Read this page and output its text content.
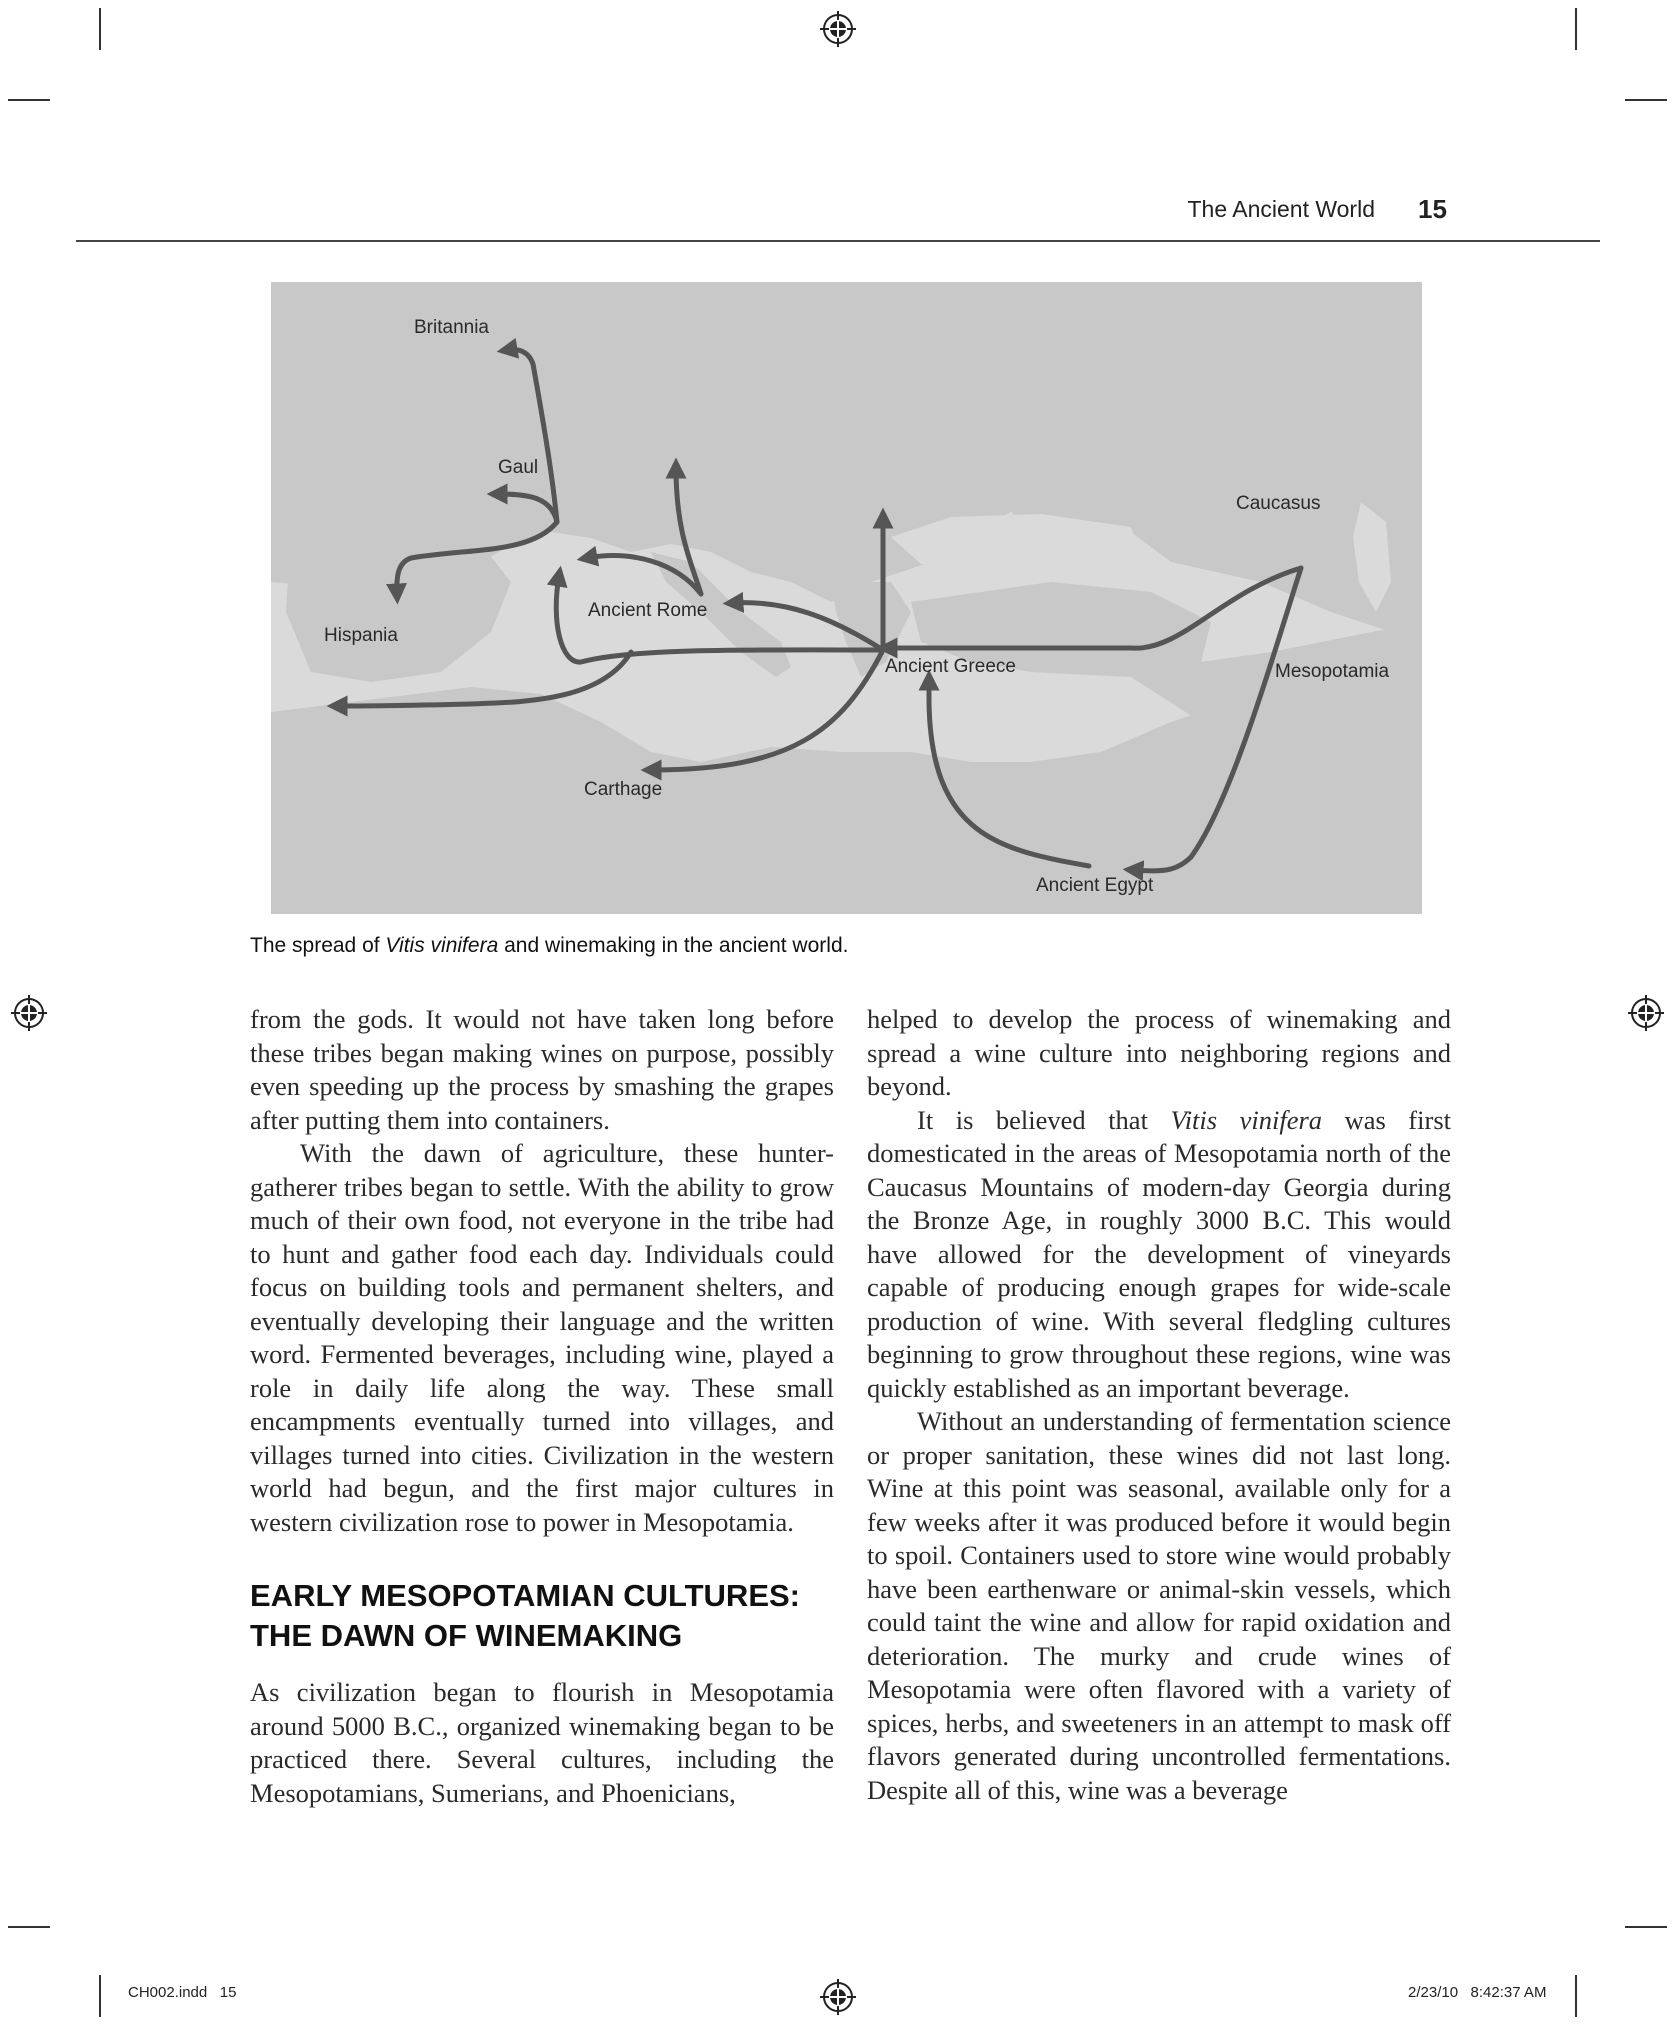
The Ancient World 15
Britannia
Gaul
Hispania
Ancient Rome
Ancient Greece
Caucasus
Mesopotamia
Carthage
Ancient Egypt
The spread of Vitis vinifera and winemaking in the ancient world.

from the gods. It would not have taken long before these tribes began making wines on purpose, possibly even speeding up the process by smashing the grapes after putting them into containers.

With the dawn of agriculture, these hunter-gatherer tribes began to settle. With the ability to grow much of their own food, not everyone in the tribe had to hunt and gather food each day. Individuals could focus on building tools and permanent shelters, and eventually developing their language and the written word. Fermented beverages, including wine, played a role in daily life along the way. These small encampments eventually turned into villages, and villages turned into cities. Civilization in the western world had begun, and the first major cultures in western civilization rose to power in Mesopotamia.

EARLY MESOPOTAMIAN CULTURES:
THE DAWN OF WINEMAKING

As civilization began to flourish in Mesopotamia around 5000 B.C., organized winemaking began to be practiced there. Several cultures, including the Mesopotamians, Sumerians, and Phoenicians,

helped to develop the process of winemaking and spread a wine culture into neighboring regions and beyond.

It is believed that Vitis vinifera was first domesticated in the areas of Mesopotamia north of the Caucasus Mountains of modern-day Georgia during the Bronze Age, in roughly 3000 B.C. This would have allowed for the development of vineyards capable of producing enough grapes for wide-scale production of wine. With several fledgling cultures beginning to grow throughout these regions, wine was quickly established as an important beverage.

Without an understanding of fermentation science or proper sanitation, these wines did not last long. Wine at this point was seasonal, available only for a few weeks after it was produced before it would begin to spoil. Containers used to store wine would probably have been earthenware or animal-skin vessels, which could taint the wine and allow for rapid oxidation and deterioration. The murky and crude wines of Mesopotamia were often flavored with a variety of spices, herbs, and sweeteners in an attempt to mask off flavors generated during uncontrolled fermentations. Despite all of this, wine was a beverage

CH002.indd   15	2/23/10   8:42:37 AM
